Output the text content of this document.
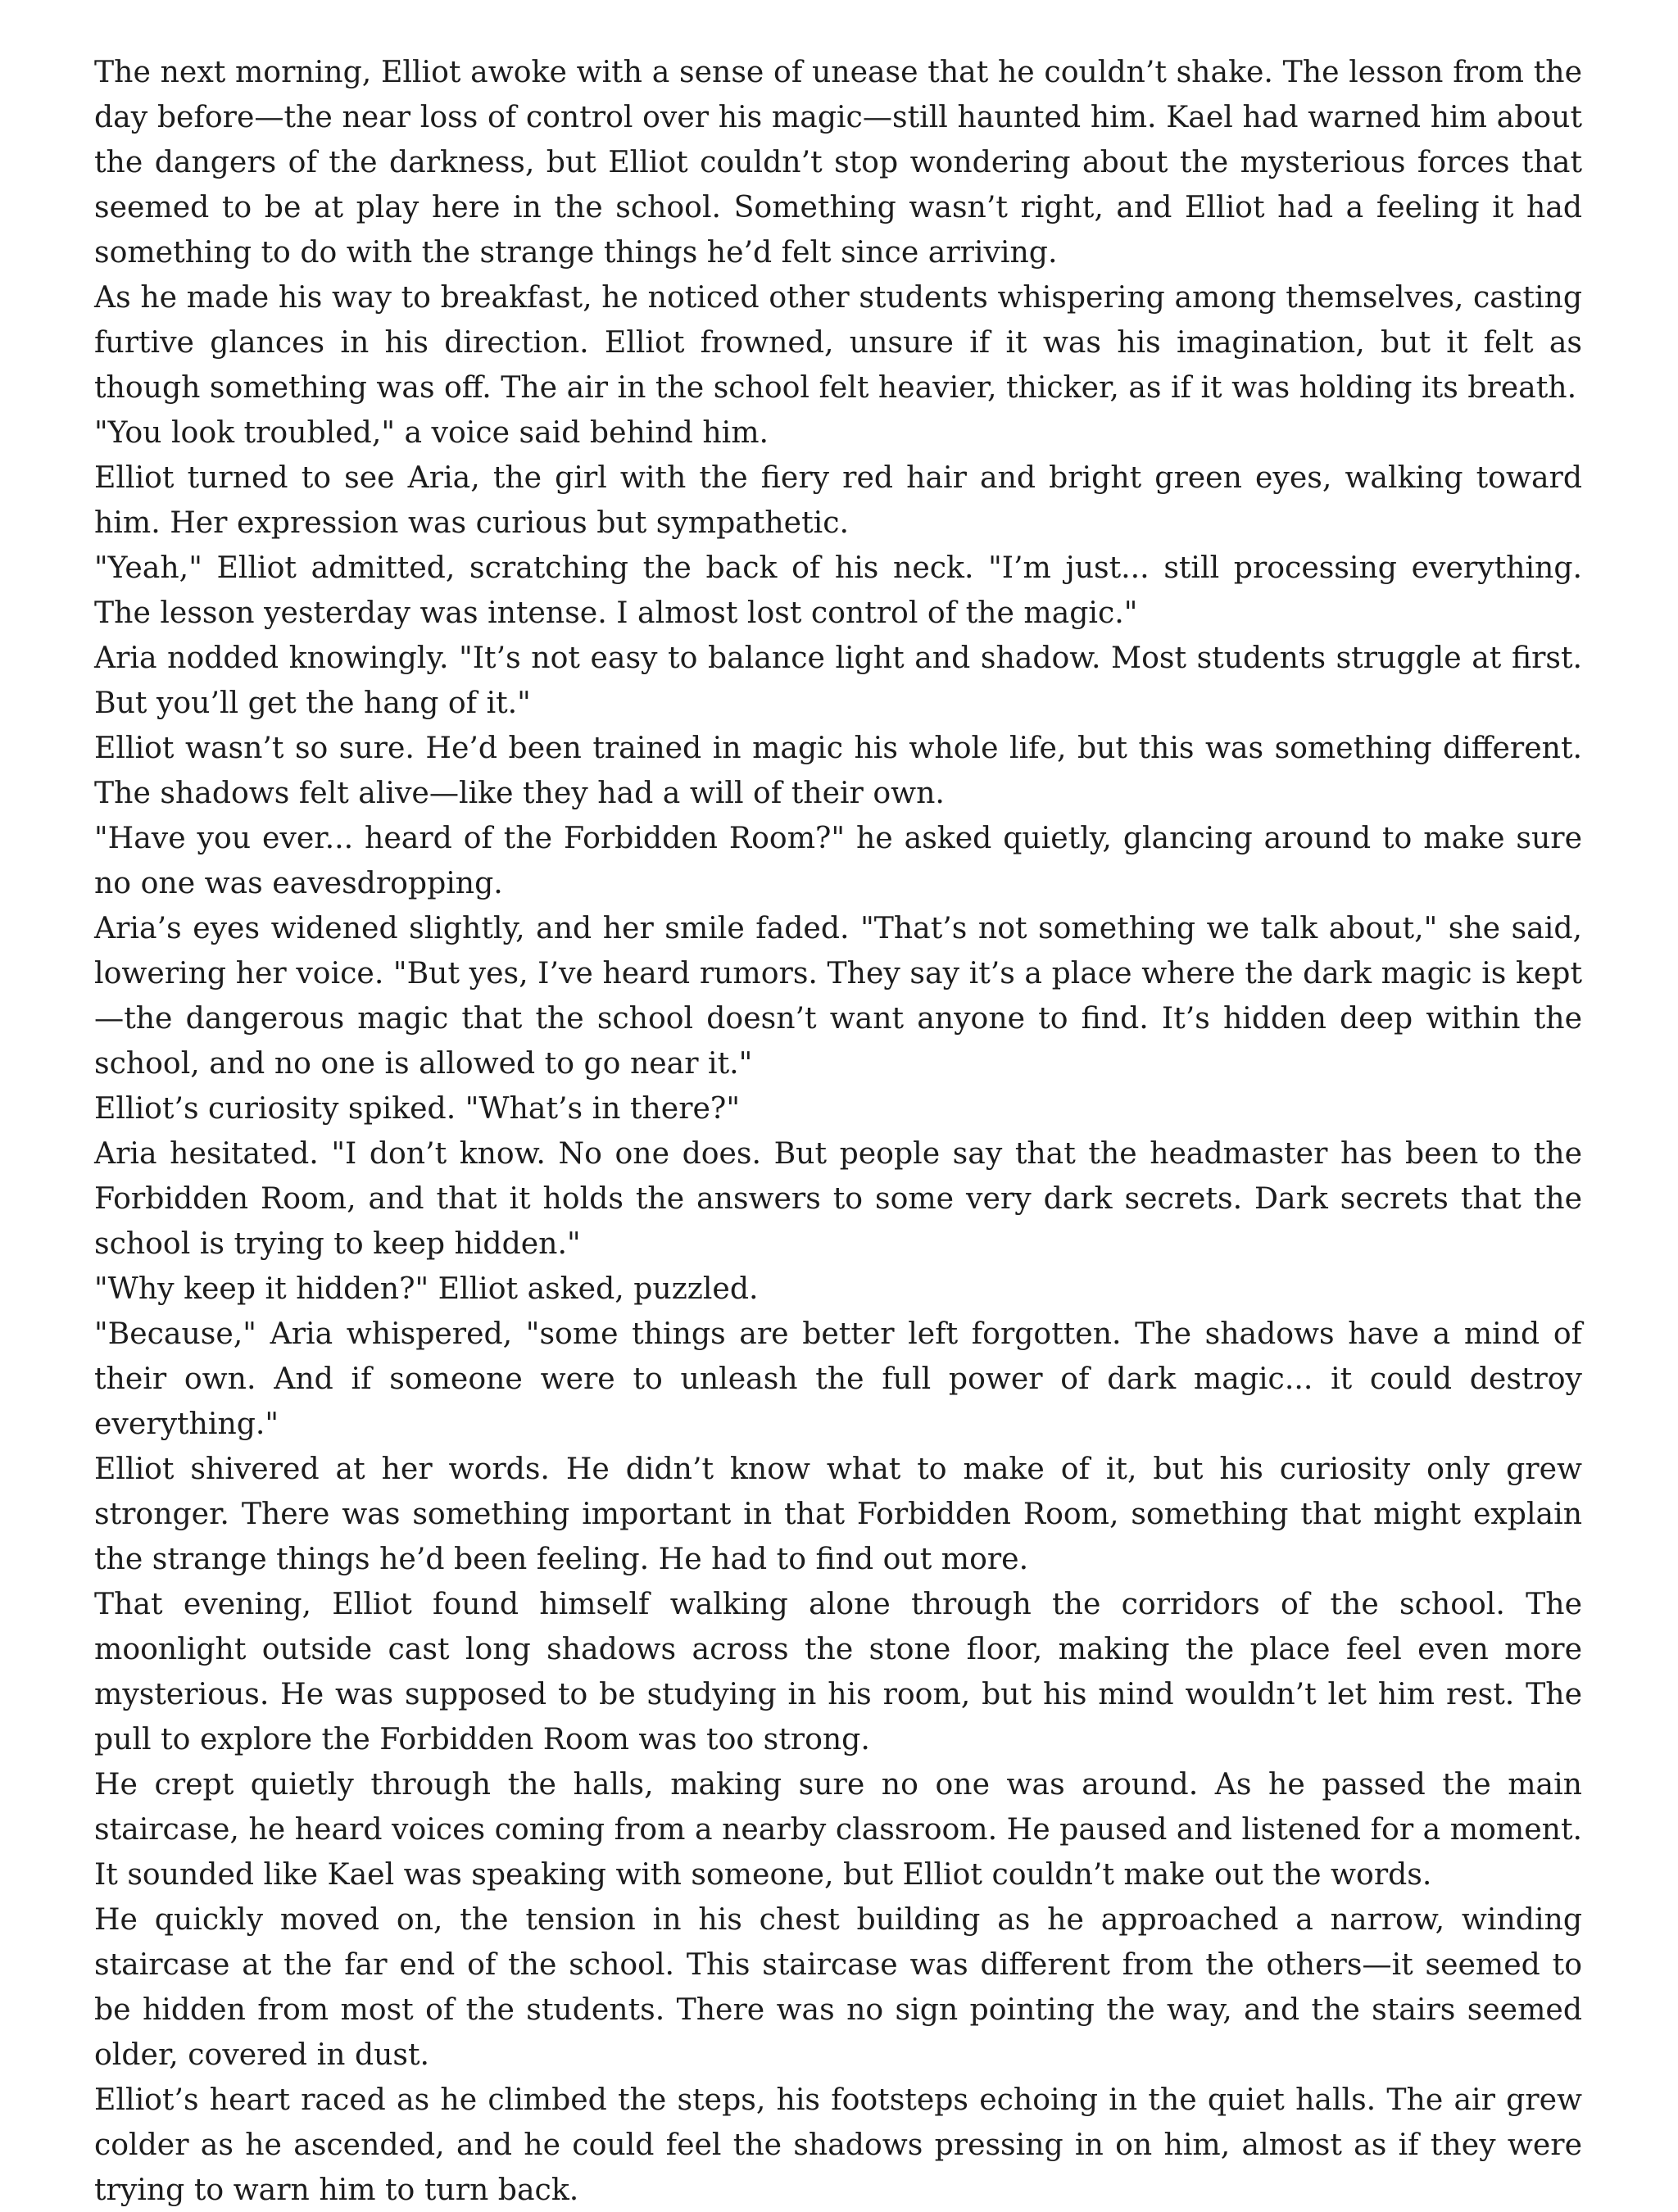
The next morning, Elliot awoke with a sense of unease that he couldn’t shake. The lesson from the day before—the near loss of control over his magic—still haunted him. Kael had warned him about the dangers of the darkness, but Elliot couldn’t stop wondering about the mysterious forces that seemed to be at play here in the school. Something wasn’t right, and Elliot had a feeling it had something to do with the strange things he’d felt since arriving.

As he made his way to breakfast, he noticed other students whispering among themselves, casting furtive glances in his direction. Elliot frowned, unsure if it was his imagination, but it felt as though something was off. The air in the school felt heavier, thicker, as if it was holding its breath.

"You look troubled," a voice said behind him.

Elliot turned to see Aria, the girl with the fiery red hair and bright green eyes, walking toward him. Her expression was curious but sympathetic.

"Yeah," Elliot admitted, scratching the back of his neck. "I’m just... still processing everything. The lesson yesterday was intense. I almost lost control of the magic."

Aria nodded knowingly. "It’s not easy to balance light and shadow. Most students struggle at first. But you’ll get the hang of it."

Elliot wasn’t so sure. He’d been trained in magic his whole life, but this was something different. The shadows felt alive—like they had a will of their own.

"Have you ever... heard of the Forbidden Room?" he asked quietly, glancing around to make sure no one was eavesdropping.

Aria’s eyes widened slightly, and her smile faded. "That’s not something we talk about," she said, lowering her voice. "But yes, I’ve heard rumors. They say it’s a place where the dark magic is kept—the dangerous magic that the school doesn’t want anyone to find. It’s hidden deep within the school, and no one is allowed to go near it."

Elliot’s curiosity spiked. "What’s in there?"

Aria hesitated. "I don’t know. No one does. But people say that the headmaster has been to the Forbidden Room, and that it holds the answers to some very dark secrets. Dark secrets that the school is trying to keep hidden."

"Why keep it hidden?" Elliot asked, puzzled.

"Because," Aria whispered, "some things are better left forgotten. The shadows have a mind of their own. And if someone were to unleash the full power of dark magic... it could destroy everything."

Elliot shivered at her words. He didn’t know what to make of it, but his curiosity only grew stronger. There was something important in that Forbidden Room, something that might explain the strange things he’d been feeling. He had to find out more.

That evening, Elliot found himself walking alone through the corridors of the school. The moonlight outside cast long shadows across the stone floor, making the place feel even more mysterious. He was supposed to be studying in his room, but his mind wouldn’t let him rest. The pull to explore the Forbidden Room was too strong.

He crept quietly through the halls, making sure no one was around. As he passed the main staircase, he heard voices coming from a nearby classroom. He paused and listened for a moment. It sounded like Kael was speaking with someone, but Elliot couldn’t make out the words.

He quickly moved on, the tension in his chest building as he approached a narrow, winding staircase at the far end of the school. This staircase was different from the others—it seemed to be hidden from most of the students. There was no sign pointing the way, and the stairs seemed older, covered in dust.

Elliot’s heart raced as he climbed the steps, his footsteps echoing in the quiet halls. The air grew colder as he ascended, and he could feel the shadows pressing in on him, almost as if they were trying to warn him to turn back.
